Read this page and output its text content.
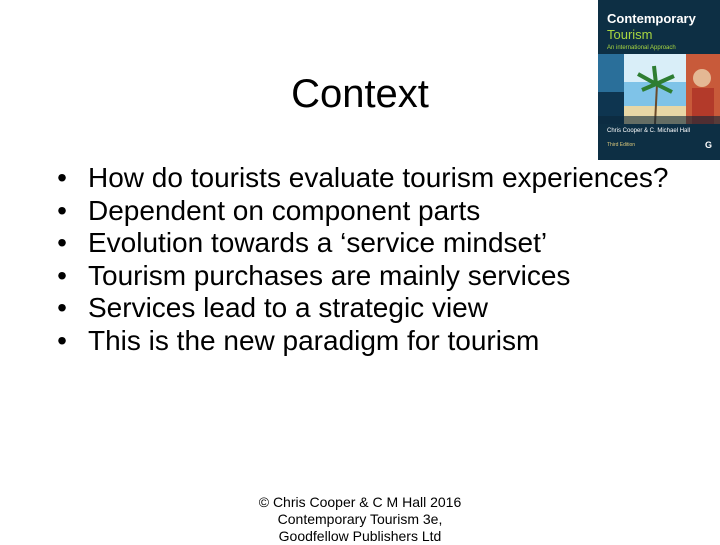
Context
• How do tourists evaluate tourism experiences?
• Dependent on component parts
• Evolution towards a ‘service mindset’
• Tourism purchases are mainly services
• Services lead to a strategic view
• This is the new paradigm for tourism
© Chris Cooper & C M Hall 2016
Contemporary Tourism 3e,
Goodfellow Publishers Ltd
Contemporary
Tourism
An international Approach
Chris Cooper & C. Michael Hall
Third Edition	G
